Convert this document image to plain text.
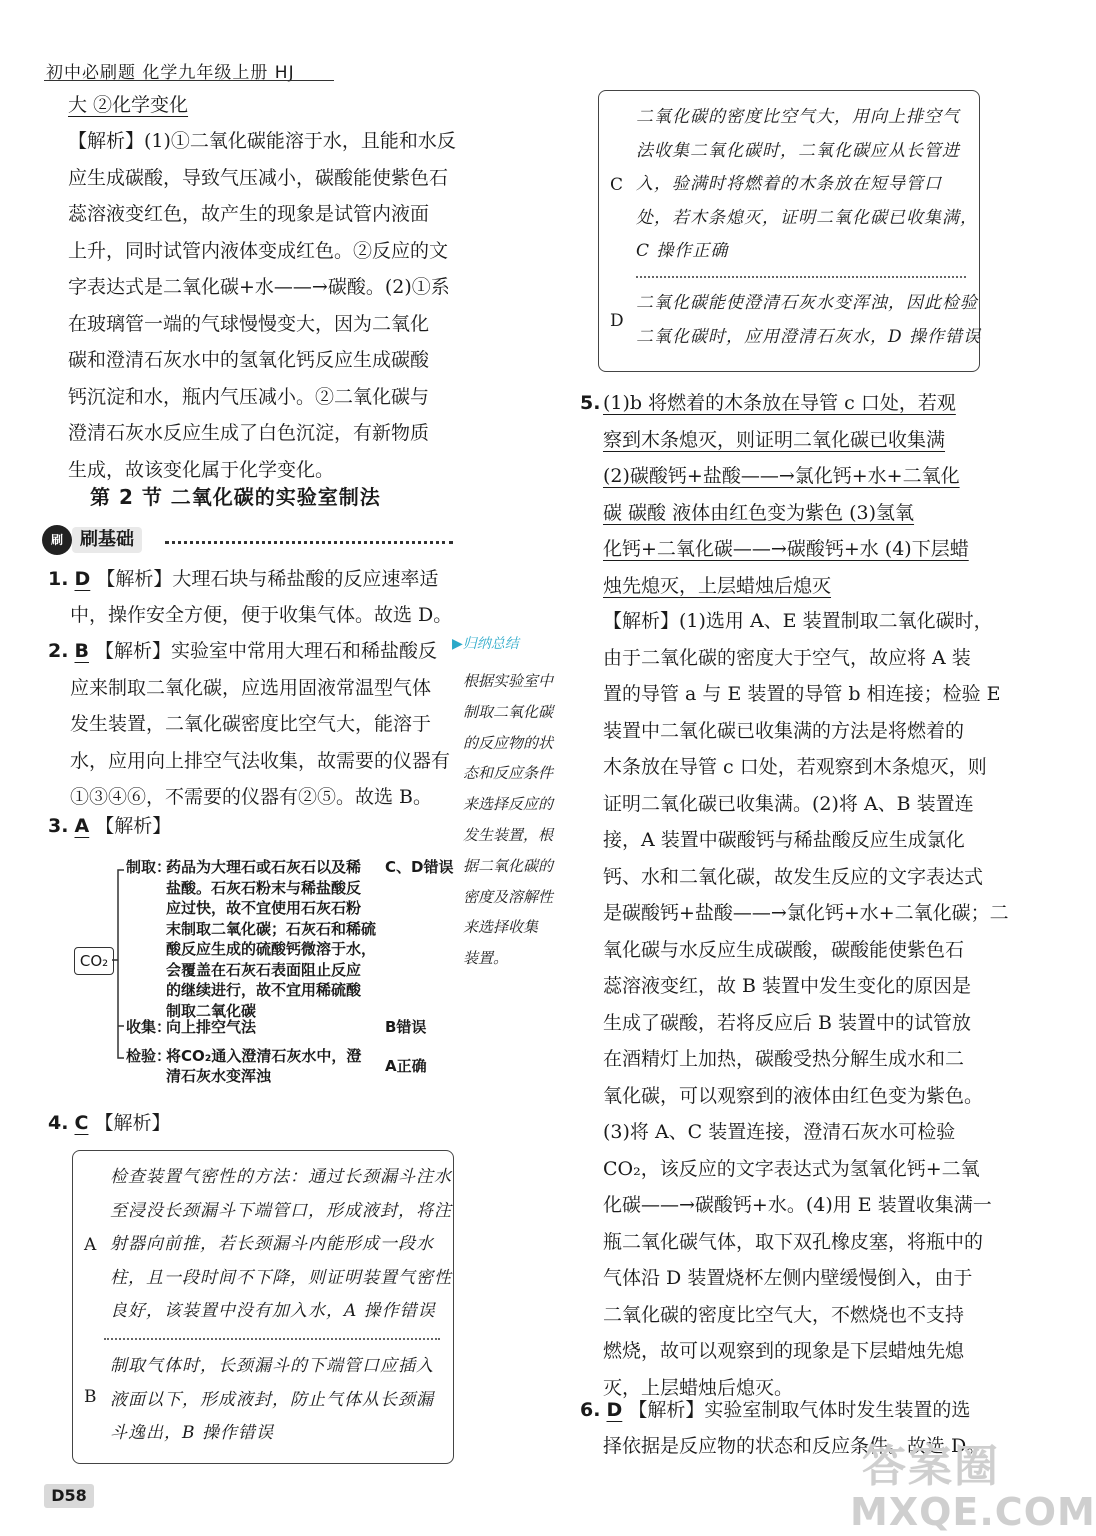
初中必刷题 化学九年级上册 HJ
大 ②化学变化
【解析】(1)①二氧化碳能溶于水，且能和水反
应生成碳酸，导致气压减小，碳酸能使紫色石
蕊溶液变红色，故产生的现象是试管内液面
上升，同时试管内液体变成红色。②反应的文
字表达式是二氧化碳+水——→碳酸。(2)①系
在玻璃管一端的气球慢慢变大，因为二氧化
碳和澄清石灰水中的氢氧化钙反应生成碳酸
钙沉淀和水，瓶内气压减小。②二氧化碳与
澄清石灰水反应生成了白色沉淀，有新物质
生成，故该变化属于化学变化。
第 2 节 二氧化碳的实验室制法
刷 刷基础
1. D 【解析】大理石块与稀盐酸的反应速率适
中，操作安全方便，便于收集气体。故选 D。
2. B 【解析】实验室中常用大理石和稀盐酸反
应来制取二氧化碳，应选用固液常温型气体
发生装置，二氧化碳密度比空气大，能溶于
水，应用向上排空气法收集，故需要的仪器有
①③④⑥，不需要的仪器有②⑤。故选 B。
▶归纳总结
根据实验室中
制取二氧化碳
的反应物的状
态和反应条件
来选择反应的
发生装置，根
据二氧化碳的
密度及溶解性
来选择收集
装置。
3. A 【解析】
CO₂
制取：
药品为大理石或石灰石以及稀
盐酸。石灰石粉末与稀盐酸反
应过快，故不宜使用石灰石粉
末制取二氧化碳；石灰石和稀硫
酸反应生成的硫酸钙微溶于水，
会覆盖在石灰石表面阻止反应
的继续进行，故不宜用稀硫酸
制取二氧化碳
C、D错误
收集：
向上排空气法	B错误
检验：
将CO₂通入澄清石灰水中，澄
清石灰水变浑浊
A正确
4. C 【解析】
A
检查装置气密性的方法：通过长颈漏斗注水
至浸没长颈漏斗下端管口，形成液封，将注
射器向前推，若长颈漏斗内能形成一段水
柱，且一段时间不下降，则证明装置气密性
良好，该装置中没有加入水，A 操作错误
B
制取气体时，长颈漏斗的下端管口应插入
液面以下，形成液封，防止气体从长颈漏
斗逸出，B 操作错误
D58
C
二氧化碳的密度比空气大，用向上排空气
法收集二氧化碳时，二氧化碳应从长管进
入，验满时将燃着的木条放在短导管口
处，若木条熄灭，证明二氧化碳已收集满，
C 操作正确
D
二氧化碳能使澄清石灰水变浑浊，因此检验
二氧化碳时，应用澄清石灰水，D 操作错误
5. (1)b 将燃着的木条放在导管 c 口处，若观
察到木条熄灭，则证明二氧化碳已收集满
(2)碳酸钙+盐酸——→氯化钙+水+二氧化
碳 碳酸 液体由红色变为紫色 (3)氢氧
化钙+二氧化碳——→碳酸钙+水 (4)下层蜡
烛先熄灭，上层蜡烛后熄灭
【解析】(1)选用 A、E 装置制取二氧化碳时，
由于二氧化碳的密度大于空气，故应将 A 装
置的导管 a 与 E 装置的导管 b 相连接；检验 E
装置中二氧化碳已收集满的方法是将燃着的
木条放在导管 c 口处，若观察到木条熄灭，则
证明二氧化碳已收集满。(2)将 A、B 装置连
接，A 装置中碳酸钙与稀盐酸反应生成氯化
钙、水和二氧化碳，故发生反应的文字表达式
是碳酸钙+盐酸——→氯化钙+水+二氧化碳；二
氧化碳与水反应生成碳酸，碳酸能使紫色石
蕊溶液变红，故 B 装置中发生变化的原因是
生成了碳酸，若将反应后 B 装置中的试管放
在酒精灯上加热，碳酸受热分解生成水和二
氧化碳，可以观察到的液体由红色变为紫色。
(3)将 A、C 装置连接，澄清石灰水可检验
CO₂，该反应的文字表达式为氢氧化钙+二氧
化碳——→碳酸钙+水。(4)用 E 装置收集满一
瓶二氧化碳气体，取下双孔橡皮塞，将瓶中的
气体沿 D 装置烧杯左侧内壁缓慢倒入，由于
二氧化碳的密度比空气大，不燃烧也不支持
燃烧，故可以观察到的现象是下层蜡烛先熄
灭，上层蜡烛后熄灭。
6. D 【解析】实验室制取气体时发生装置的选
择依据是反应物的状态和反应条件。故选 D。
答案圈
MXQE.COM
